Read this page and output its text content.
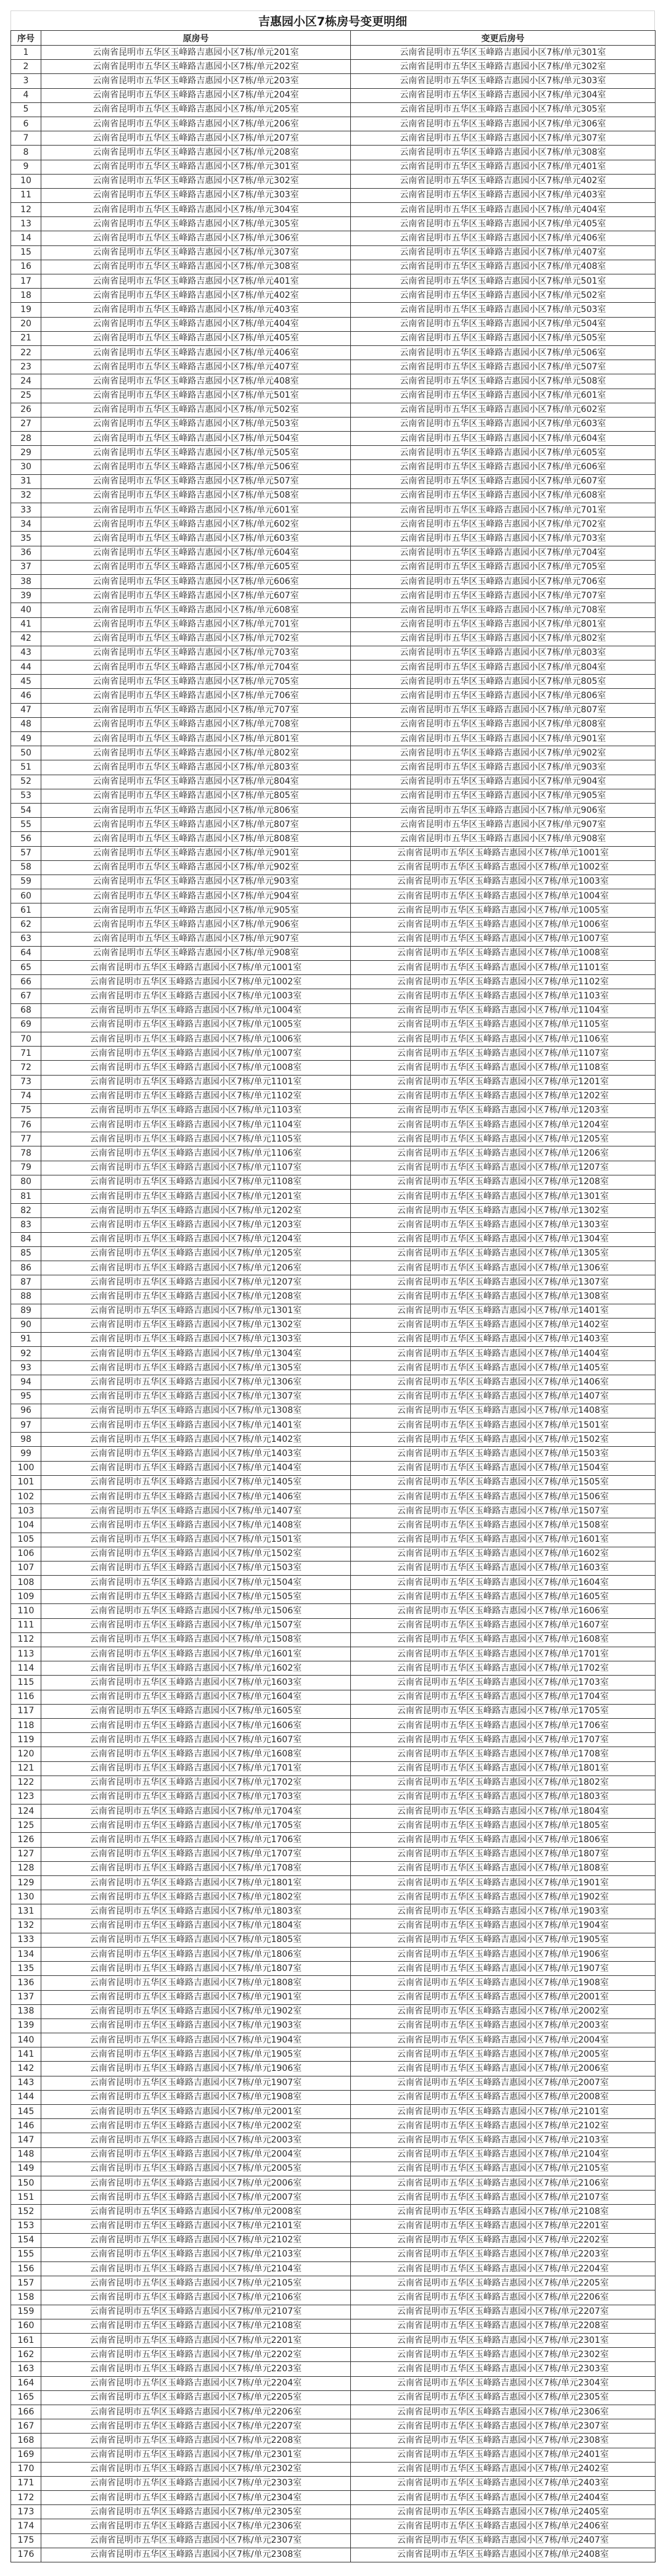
吉惠园小区7栋房号变更明细
序号	原房号	变更后房号
1	云南省昆明市五华区玉峰路吉惠园小区7栋/单元201室	云南省昆明市五华区玉峰路吉惠园小区7栋/单元301室
2	云南省昆明市五华区玉峰路吉惠园小区7栋/单元202室	云南省昆明市五华区玉峰路吉惠园小区7栋/单元302室
3	云南省昆明市五华区玉峰路吉惠园小区7栋/单元203室	云南省昆明市五华区玉峰路吉惠园小区7栋/单元303室
4	云南省昆明市五华区玉峰路吉惠园小区7栋/单元204室	云南省昆明市五华区玉峰路吉惠园小区7栋/单元304室
5	云南省昆明市五华区玉峰路吉惠园小区7栋/单元205室	云南省昆明市五华区玉峰路吉惠园小区7栋/单元305室
6	云南省昆明市五华区玉峰路吉惠园小区7栋/单元206室	云南省昆明市五华区玉峰路吉惠园小区7栋/单元306室
7	云南省昆明市五华区玉峰路吉惠园小区7栋/单元207室	云南省昆明市五华区玉峰路吉惠园小区7栋/单元307室
8	云南省昆明市五华区玉峰路吉惠园小区7栋/单元208室	云南省昆明市五华区玉峰路吉惠园小区7栋/单元308室
9	云南省昆明市五华区玉峰路吉惠园小区7栋/单元301室	云南省昆明市五华区玉峰路吉惠园小区7栋/单元401室
10	云南省昆明市五华区玉峰路吉惠园小区7栋/单元302室	云南省昆明市五华区玉峰路吉惠园小区7栋/单元402室
11	云南省昆明市五华区玉峰路吉惠园小区7栋/单元303室	云南省昆明市五华区玉峰路吉惠园小区7栋/单元403室
12	云南省昆明市五华区玉峰路吉惠园小区7栋/单元304室	云南省昆明市五华区玉峰路吉惠园小区7栋/单元404室
13	云南省昆明市五华区玉峰路吉惠园小区7栋/单元305室	云南省昆明市五华区玉峰路吉惠园小区7栋/单元405室
14	云南省昆明市五华区玉峰路吉惠园小区7栋/单元306室	云南省昆明市五华区玉峰路吉惠园小区7栋/单元406室
15	云南省昆明市五华区玉峰路吉惠园小区7栋/单元307室	云南省昆明市五华区玉峰路吉惠园小区7栋/单元407室
16	云南省昆明市五华区玉峰路吉惠园小区7栋/单元308室	云南省昆明市五华区玉峰路吉惠园小区7栋/单元408室
17	云南省昆明市五华区玉峰路吉惠园小区7栋/单元401室	云南省昆明市五华区玉峰路吉惠园小区7栋/单元501室
18	云南省昆明市五华区玉峰路吉惠园小区7栋/单元402室	云南省昆明市五华区玉峰路吉惠园小区7栋/单元502室
19	云南省昆明市五华区玉峰路吉惠园小区7栋/单元403室	云南省昆明市五华区玉峰路吉惠园小区7栋/单元503室
20	云南省昆明市五华区玉峰路吉惠园小区7栋/单元404室	云南省昆明市五华区玉峰路吉惠园小区7栋/单元504室
21	云南省昆明市五华区玉峰路吉惠园小区7栋/单元405室	云南省昆明市五华区玉峰路吉惠园小区7栋/单元505室
22	云南省昆明市五华区玉峰路吉惠园小区7栋/单元406室	云南省昆明市五华区玉峰路吉惠园小区7栋/单元506室
23	云南省昆明市五华区玉峰路吉惠园小区7栋/单元407室	云南省昆明市五华区玉峰路吉惠园小区7栋/单元507室
24	云南省昆明市五华区玉峰路吉惠园小区7栋/单元408室	云南省昆明市五华区玉峰路吉惠园小区7栋/单元508室
25	云南省昆明市五华区玉峰路吉惠园小区7栋/单元501室	云南省昆明市五华区玉峰路吉惠园小区7栋/单元601室
26	云南省昆明市五华区玉峰路吉惠园小区7栋/单元502室	云南省昆明市五华区玉峰路吉惠园小区7栋/单元602室
27	云南省昆明市五华区玉峰路吉惠园小区7栋/单元503室	云南省昆明市五华区玉峰路吉惠园小区7栋/单元603室
28	云南省昆明市五华区玉峰路吉惠园小区7栋/单元504室	云南省昆明市五华区玉峰路吉惠园小区7栋/单元604室
29	云南省昆明市五华区玉峰路吉惠园小区7栋/单元505室	云南省昆明市五华区玉峰路吉惠园小区7栋/单元605室
30	云南省昆明市五华区玉峰路吉惠园小区7栋/单元506室	云南省昆明市五华区玉峰路吉惠园小区7栋/单元606室
31	云南省昆明市五华区玉峰路吉惠园小区7栋/单元507室	云南省昆明市五华区玉峰路吉惠园小区7栋/单元607室
32	云南省昆明市五华区玉峰路吉惠园小区7栋/单元508室	云南省昆明市五华区玉峰路吉惠园小区7栋/单元608室
33	云南省昆明市五华区玉峰路吉惠园小区7栋/单元601室	云南省昆明市五华区玉峰路吉惠园小区7栋/单元701室
34	云南省昆明市五华区玉峰路吉惠园小区7栋/单元602室	云南省昆明市五华区玉峰路吉惠园小区7栋/单元702室
35	云南省昆明市五华区玉峰路吉惠园小区7栋/单元603室	云南省昆明市五华区玉峰路吉惠园小区7栋/单元703室
36	云南省昆明市五华区玉峰路吉惠园小区7栋/单元604室	云南省昆明市五华区玉峰路吉惠园小区7栋/单元704室
37	云南省昆明市五华区玉峰路吉惠园小区7栋/单元605室	云南省昆明市五华区玉峰路吉惠园小区7栋/单元705室
38	云南省昆明市五华区玉峰路吉惠园小区7栋/单元606室	云南省昆明市五华区玉峰路吉惠园小区7栋/单元706室
39	云南省昆明市五华区玉峰路吉惠园小区7栋/单元607室	云南省昆明市五华区玉峰路吉惠园小区7栋/单元707室
40	云南省昆明市五华区玉峰路吉惠园小区7栋/单元608室	云南省昆明市五华区玉峰路吉惠园小区7栋/单元708室
41	云南省昆明市五华区玉峰路吉惠园小区7栋/单元701室	云南省昆明市五华区玉峰路吉惠园小区7栋/单元801室
42	云南省昆明市五华区玉峰路吉惠园小区7栋/单元702室	云南省昆明市五华区玉峰路吉惠园小区7栋/单元802室
43	云南省昆明市五华区玉峰路吉惠园小区7栋/单元703室	云南省昆明市五华区玉峰路吉惠园小区7栋/单元803室
44	云南省昆明市五华区玉峰路吉惠园小区7栋/单元704室	云南省昆明市五华区玉峰路吉惠园小区7栋/单元804室
45	云南省昆明市五华区玉峰路吉惠园小区7栋/单元705室	云南省昆明市五华区玉峰路吉惠园小区7栋/单元805室
46	云南省昆明市五华区玉峰路吉惠园小区7栋/单元706室	云南省昆明市五华区玉峰路吉惠园小区7栋/单元806室
47	云南省昆明市五华区玉峰路吉惠园小区7栋/单元707室	云南省昆明市五华区玉峰路吉惠园小区7栋/单元807室
48	云南省昆明市五华区玉峰路吉惠园小区7栋/单元708室	云南省昆明市五华区玉峰路吉惠园小区7栋/单元808室
49	云南省昆明市五华区玉峰路吉惠园小区7栋/单元801室	云南省昆明市五华区玉峰路吉惠园小区7栋/单元901室
50	云南省昆明市五华区玉峰路吉惠园小区7栋/单元802室	云南省昆明市五华区玉峰路吉惠园小区7栋/单元902室
51	云南省昆明市五华区玉峰路吉惠园小区7栋/单元803室	云南省昆明市五华区玉峰路吉惠园小区7栋/单元903室
52	云南省昆明市五华区玉峰路吉惠园小区7栋/单元804室	云南省昆明市五华区玉峰路吉惠园小区7栋/单元904室
53	云南省昆明市五华区玉峰路吉惠园小区7栋/单元805室	云南省昆明市五华区玉峰路吉惠园小区7栋/单元905室
54	云南省昆明市五华区玉峰路吉惠园小区7栋/单元806室	云南省昆明市五华区玉峰路吉惠园小区7栋/单元906室
55	云南省昆明市五华区玉峰路吉惠园小区7栋/单元807室	云南省昆明市五华区玉峰路吉惠园小区7栋/单元907室
56	云南省昆明市五华区玉峰路吉惠园小区7栋/单元808室	云南省昆明市五华区玉峰路吉惠园小区7栋/单元908室
57	云南省昆明市五华区玉峰路吉惠园小区7栋/单元901室	云南省昆明市五华区玉峰路吉惠园小区7栋/单元1001室
58	云南省昆明市五华区玉峰路吉惠园小区7栋/单元902室	云南省昆明市五华区玉峰路吉惠园小区7栋/单元1002室
59	云南省昆明市五华区玉峰路吉惠园小区7栋/单元903室	云南省昆明市五华区玉峰路吉惠园小区7栋/单元1003室
60	云南省昆明市五华区玉峰路吉惠园小区7栋/单元904室	云南省昆明市五华区玉峰路吉惠园小区7栋/单元1004室
61	云南省昆明市五华区玉峰路吉惠园小区7栋/单元905室	云南省昆明市五华区玉峰路吉惠园小区7栋/单元1005室
62	云南省昆明市五华区玉峰路吉惠园小区7栋/单元906室	云南省昆明市五华区玉峰路吉惠园小区7栋/单元1006室
63	云南省昆明市五华区玉峰路吉惠园小区7栋/单元907室	云南省昆明市五华区玉峰路吉惠园小区7栋/单元1007室
64	云南省昆明市五华区玉峰路吉惠园小区7栋/单元908室	云南省昆明市五华区玉峰路吉惠园小区7栋/单元1008室
65	云南省昆明市五华区玉峰路吉惠园小区7栋/单元1001室	云南省昆明市五华区玉峰路吉惠园小区7栋/单元1101室
66	云南省昆明市五华区玉峰路吉惠园小区7栋/单元1002室	云南省昆明市五华区玉峰路吉惠园小区7栋/单元1102室
67	云南省昆明市五华区玉峰路吉惠园小区7栋/单元1003室	云南省昆明市五华区玉峰路吉惠园小区7栋/单元1103室
68	云南省昆明市五华区玉峰路吉惠园小区7栋/单元1004室	云南省昆明市五华区玉峰路吉惠园小区7栋/单元1104室
69	云南省昆明市五华区玉峰路吉惠园小区7栋/单元1005室	云南省昆明市五华区玉峰路吉惠园小区7栋/单元1105室
70	云南省昆明市五华区玉峰路吉惠园小区7栋/单元1006室	云南省昆明市五华区玉峰路吉惠园小区7栋/单元1106室
71	云南省昆明市五华区玉峰路吉惠园小区7栋/单元1007室	云南省昆明市五华区玉峰路吉惠园小区7栋/单元1107室
72	云南省昆明市五华区玉峰路吉惠园小区7栋/单元1008室	云南省昆明市五华区玉峰路吉惠园小区7栋/单元1108室
73	云南省昆明市五华区玉峰路吉惠园小区7栋/单元1101室	云南省昆明市五华区玉峰路吉惠园小区7栋/单元1201室
74	云南省昆明市五华区玉峰路吉惠园小区7栋/单元1102室	云南省昆明市五华区玉峰路吉惠园小区7栋/单元1202室
75	云南省昆明市五华区玉峰路吉惠园小区7栋/单元1103室	云南省昆明市五华区玉峰路吉惠园小区7栋/单元1203室
76	云南省昆明市五华区玉峰路吉惠园小区7栋/单元1104室	云南省昆明市五华区玉峰路吉惠园小区7栋/单元1204室
77	云南省昆明市五华区玉峰路吉惠园小区7栋/单元1105室	云南省昆明市五华区玉峰路吉惠园小区7栋/单元1205室
78	云南省昆明市五华区玉峰路吉惠园小区7栋/单元1106室	云南省昆明市五华区玉峰路吉惠园小区7栋/单元1206室
79	云南省昆明市五华区玉峰路吉惠园小区7栋/单元1107室	云南省昆明市五华区玉峰路吉惠园小区7栋/单元1207室
80	云南省昆明市五华区玉峰路吉惠园小区7栋/单元1108室	云南省昆明市五华区玉峰路吉惠园小区7栋/单元1208室
81	云南省昆明市五华区玉峰路吉惠园小区7栋/单元1201室	云南省昆明市五华区玉峰路吉惠园小区7栋/单元1301室
82	云南省昆明市五华区玉峰路吉惠园小区7栋/单元1202室	云南省昆明市五华区玉峰路吉惠园小区7栋/单元1302室
83	云南省昆明市五华区玉峰路吉惠园小区7栋/单元1203室	云南省昆明市五华区玉峰路吉惠园小区7栋/单元1303室
84	云南省昆明市五华区玉峰路吉惠园小区7栋/单元1204室	云南省昆明市五华区玉峰路吉惠园小区7栋/单元1304室
85	云南省昆明市五华区玉峰路吉惠园小区7栋/单元1205室	云南省昆明市五华区玉峰路吉惠园小区7栋/单元1305室
86	云南省昆明市五华区玉峰路吉惠园小区7栋/单元1206室	云南省昆明市五华区玉峰路吉惠园小区7栋/单元1306室
87	云南省昆明市五华区玉峰路吉惠园小区7栋/单元1207室	云南省昆明市五华区玉峰路吉惠园小区7栋/单元1307室
88	云南省昆明市五华区玉峰路吉惠园小区7栋/单元1208室	云南省昆明市五华区玉峰路吉惠园小区7栋/单元1308室
89	云南省昆明市五华区玉峰路吉惠园小区7栋/单元1301室	云南省昆明市五华区玉峰路吉惠园小区7栋/单元1401室
90	云南省昆明市五华区玉峰路吉惠园小区7栋/单元1302室	云南省昆明市五华区玉峰路吉惠园小区7栋/单元1402室
91	云南省昆明市五华区玉峰路吉惠园小区7栋/单元1303室	云南省昆明市五华区玉峰路吉惠园小区7栋/单元1403室
92	云南省昆明市五华区玉峰路吉惠园小区7栋/单元1304室	云南省昆明市五华区玉峰路吉惠园小区7栋/单元1404室
93	云南省昆明市五华区玉峰路吉惠园小区7栋/单元1305室	云南省昆明市五华区玉峰路吉惠园小区7栋/单元1405室
94	云南省昆明市五华区玉峰路吉惠园小区7栋/单元1306室	云南省昆明市五华区玉峰路吉惠园小区7栋/单元1406室
95	云南省昆明市五华区玉峰路吉惠园小区7栋/单元1307室	云南省昆明市五华区玉峰路吉惠园小区7栋/单元1407室
96	云南省昆明市五华区玉峰路吉惠园小区7栋/单元1308室	云南省昆明市五华区玉峰路吉惠园小区7栋/单元1408室
97	云南省昆明市五华区玉峰路吉惠园小区7栋/单元1401室	云南省昆明市五华区玉峰路吉惠园小区7栋/单元1501室
98	云南省昆明市五华区玉峰路吉惠园小区7栋/单元1402室	云南省昆明市五华区玉峰路吉惠园小区7栋/单元1502室
99	云南省昆明市五华区玉峰路吉惠园小区7栋/单元1403室	云南省昆明市五华区玉峰路吉惠园小区7栋/单元1503室
100	云南省昆明市五华区玉峰路吉惠园小区7栋/单元1404室	云南省昆明市五华区玉峰路吉惠园小区7栋/单元1504室
101	云南省昆明市五华区玉峰路吉惠园小区7栋/单元1405室	云南省昆明市五华区玉峰路吉惠园小区7栋/单元1505室
102	云南省昆明市五华区玉峰路吉惠园小区7栋/单元1406室	云南省昆明市五华区玉峰路吉惠园小区7栋/单元1506室
103	云南省昆明市五华区玉峰路吉惠园小区7栋/单元1407室	云南省昆明市五华区玉峰路吉惠园小区7栋/单元1507室
104	云南省昆明市五华区玉峰路吉惠园小区7栋/单元1408室	云南省昆明市五华区玉峰路吉惠园小区7栋/单元1508室
105	云南省昆明市五华区玉峰路吉惠园小区7栋/单元1501室	云南省昆明市五华区玉峰路吉惠园小区7栋/单元1601室
106	云南省昆明市五华区玉峰路吉惠园小区7栋/单元1502室	云南省昆明市五华区玉峰路吉惠园小区7栋/单元1602室
107	云南省昆明市五华区玉峰路吉惠园小区7栋/单元1503室	云南省昆明市五华区玉峰路吉惠园小区7栋/单元1603室
108	云南省昆明市五华区玉峰路吉惠园小区7栋/单元1504室	云南省昆明市五华区玉峰路吉惠园小区7栋/单元1604室
109	云南省昆明市五华区玉峰路吉惠园小区7栋/单元1505室	云南省昆明市五华区玉峰路吉惠园小区7栋/单元1605室
110	云南省昆明市五华区玉峰路吉惠园小区7栋/单元1506室	云南省昆明市五华区玉峰路吉惠园小区7栋/单元1606室
111	云南省昆明市五华区玉峰路吉惠园小区7栋/单元1507室	云南省昆明市五华区玉峰路吉惠园小区7栋/单元1607室
112	云南省昆明市五华区玉峰路吉惠园小区7栋/单元1508室	云南省昆明市五华区玉峰路吉惠园小区7栋/单元1608室
113	云南省昆明市五华区玉峰路吉惠园小区7栋/单元1601室	云南省昆明市五华区玉峰路吉惠园小区7栋/单元1701室
114	云南省昆明市五华区玉峰路吉惠园小区7栋/单元1602室	云南省昆明市五华区玉峰路吉惠园小区7栋/单元1702室
115	云南省昆明市五华区玉峰路吉惠园小区7栋/单元1603室	云南省昆明市五华区玉峰路吉惠园小区7栋/单元1703室
116	云南省昆明市五华区玉峰路吉惠园小区7栋/单元1604室	云南省昆明市五华区玉峰路吉惠园小区7栋/单元1704室
117	云南省昆明市五华区玉峰路吉惠园小区7栋/单元1605室	云南省昆明市五华区玉峰路吉惠园小区7栋/单元1705室
118	云南省昆明市五华区玉峰路吉惠园小区7栋/单元1606室	云南省昆明市五华区玉峰路吉惠园小区7栋/单元1706室
119	云南省昆明市五华区玉峰路吉惠园小区7栋/单元1607室	云南省昆明市五华区玉峰路吉惠园小区7栋/单元1707室
120	云南省昆明市五华区玉峰路吉惠园小区7栋/单元1608室	云南省昆明市五华区玉峰路吉惠园小区7栋/单元1708室
121	云南省昆明市五华区玉峰路吉惠园小区7栋/单元1701室	云南省昆明市五华区玉峰路吉惠园小区7栋/单元1801室
122	云南省昆明市五华区玉峰路吉惠园小区7栋/单元1702室	云南省昆明市五华区玉峰路吉惠园小区7栋/单元1802室
123	云南省昆明市五华区玉峰路吉惠园小区7栋/单元1703室	云南省昆明市五华区玉峰路吉惠园小区7栋/单元1803室
124	云南省昆明市五华区玉峰路吉惠园小区7栋/单元1704室	云南省昆明市五华区玉峰路吉惠园小区7栋/单元1804室
125	云南省昆明市五华区玉峰路吉惠园小区7栋/单元1705室	云南省昆明市五华区玉峰路吉惠园小区7栋/单元1805室
126	云南省昆明市五华区玉峰路吉惠园小区7栋/单元1706室	云南省昆明市五华区玉峰路吉惠园小区7栋/单元1806室
127	云南省昆明市五华区玉峰路吉惠园小区7栋/单元1707室	云南省昆明市五华区玉峰路吉惠园小区7栋/单元1807室
128	云南省昆明市五华区玉峰路吉惠园小区7栋/单元1708室	云南省昆明市五华区玉峰路吉惠园小区7栋/单元1808室
129	云南省昆明市五华区玉峰路吉惠园小区7栋/单元1801室	云南省昆明市五华区玉峰路吉惠园小区7栋/单元1901室
130	云南省昆明市五华区玉峰路吉惠园小区7栋/单元1802室	云南省昆明市五华区玉峰路吉惠园小区7栋/单元1902室
131	云南省昆明市五华区玉峰路吉惠园小区7栋/单元1803室	云南省昆明市五华区玉峰路吉惠园小区7栋/单元1903室
132	云南省昆明市五华区玉峰路吉惠园小区7栋/单元1804室	云南省昆明市五华区玉峰路吉惠园小区7栋/单元1904室
133	云南省昆明市五华区玉峰路吉惠园小区7栋/单元1805室	云南省昆明市五华区玉峰路吉惠园小区7栋/单元1905室
134	云南省昆明市五华区玉峰路吉惠园小区7栋/单元1806室	云南省昆明市五华区玉峰路吉惠园小区7栋/单元1906室
135	云南省昆明市五华区玉峰路吉惠园小区7栋/单元1807室	云南省昆明市五华区玉峰路吉惠园小区7栋/单元1907室
136	云南省昆明市五华区玉峰路吉惠园小区7栋/单元1808室	云南省昆明市五华区玉峰路吉惠园小区7栋/单元1908室
137	云南省昆明市五华区玉峰路吉惠园小区7栋/单元1901室	云南省昆明市五华区玉峰路吉惠园小区7栋/单元2001室
138	云南省昆明市五华区玉峰路吉惠园小区7栋/单元1902室	云南省昆明市五华区玉峰路吉惠园小区7栋/单元2002室
139	云南省昆明市五华区玉峰路吉惠园小区7栋/单元1903室	云南省昆明市五华区玉峰路吉惠园小区7栋/单元2003室
140	云南省昆明市五华区玉峰路吉惠园小区7栋/单元1904室	云南省昆明市五华区玉峰路吉惠园小区7栋/单元2004室
141	云南省昆明市五华区玉峰路吉惠园小区7栋/单元1905室	云南省昆明市五华区玉峰路吉惠园小区7栋/单元2005室
142	云南省昆明市五华区玉峰路吉惠园小区7栋/单元1906室	云南省昆明市五华区玉峰路吉惠园小区7栋/单元2006室
143	云南省昆明市五华区玉峰路吉惠园小区7栋/单元1907室	云南省昆明市五华区玉峰路吉惠园小区7栋/单元2007室
144	云南省昆明市五华区玉峰路吉惠园小区7栋/单元1908室	云南省昆明市五华区玉峰路吉惠园小区7栋/单元2008室
145	云南省昆明市五华区玉峰路吉惠园小区7栋/单元2001室	云南省昆明市五华区玉峰路吉惠园小区7栋/单元2101室
146	云南省昆明市五华区玉峰路吉惠园小区7栋/单元2002室	云南省昆明市五华区玉峰路吉惠园小区7栋/单元2102室
147	云南省昆明市五华区玉峰路吉惠园小区7栋/单元2003室	云南省昆明市五华区玉峰路吉惠园小区7栋/单元2103室
148	云南省昆明市五华区玉峰路吉惠园小区7栋/单元2004室	云南省昆明市五华区玉峰路吉惠园小区7栋/单元2104室
149	云南省昆明市五华区玉峰路吉惠园小区7栋/单元2005室	云南省昆明市五华区玉峰路吉惠园小区7栋/单元2105室
150	云南省昆明市五华区玉峰路吉惠园小区7栋/单元2006室	云南省昆明市五华区玉峰路吉惠园小区7栋/单元2106室
151	云南省昆明市五华区玉峰路吉惠园小区7栋/单元2007室	云南省昆明市五华区玉峰路吉惠园小区7栋/单元2107室
152	云南省昆明市五华区玉峰路吉惠园小区7栋/单元2008室	云南省昆明市五华区玉峰路吉惠园小区7栋/单元2108室
153	云南省昆明市五华区玉峰路吉惠园小区7栋/单元2101室	云南省昆明市五华区玉峰路吉惠园小区7栋/单元2201室
154	云南省昆明市五华区玉峰路吉惠园小区7栋/单元2102室	云南省昆明市五华区玉峰路吉惠园小区7栋/单元2202室
155	云南省昆明市五华区玉峰路吉惠园小区7栋/单元2103室	云南省昆明市五华区玉峰路吉惠园小区7栋/单元2203室
156	云南省昆明市五华区玉峰路吉惠园小区7栋/单元2104室	云南省昆明市五华区玉峰路吉惠园小区7栋/单元2204室
157	云南省昆明市五华区玉峰路吉惠园小区7栋/单元2105室	云南省昆明市五华区玉峰路吉惠园小区7栋/单元2205室
158	云南省昆明市五华区玉峰路吉惠园小区7栋/单元2106室	云南省昆明市五华区玉峰路吉惠园小区7栋/单元2206室
159	云南省昆明市五华区玉峰路吉惠园小区7栋/单元2107室	云南省昆明市五华区玉峰路吉惠园小区7栋/单元2207室
160	云南省昆明市五华区玉峰路吉惠园小区7栋/单元2108室	云南省昆明市五华区玉峰路吉惠园小区7栋/单元2208室
161	云南省昆明市五华区玉峰路吉惠园小区7栋/单元2201室	云南省昆明市五华区玉峰路吉惠园小区7栋/单元2301室
162	云南省昆明市五华区玉峰路吉惠园小区7栋/单元2202室	云南省昆明市五华区玉峰路吉惠园小区7栋/单元2302室
163	云南省昆明市五华区玉峰路吉惠园小区7栋/单元2203室	云南省昆明市五华区玉峰路吉惠园小区7栋/单元2303室
164	云南省昆明市五华区玉峰路吉惠园小区7栋/单元2204室	云南省昆明市五华区玉峰路吉惠园小区7栋/单元2304室
165	云南省昆明市五华区玉峰路吉惠园小区7栋/单元2205室	云南省昆明市五华区玉峰路吉惠园小区7栋/单元2305室
166	云南省昆明市五华区玉峰路吉惠园小区7栋/单元2206室	云南省昆明市五华区玉峰路吉惠园小区7栋/单元2306室
167	云南省昆明市五华区玉峰路吉惠园小区7栋/单元2207室	云南省昆明市五华区玉峰路吉惠园小区7栋/单元2307室
168	云南省昆明市五华区玉峰路吉惠园小区7栋/单元2208室	云南省昆明市五华区玉峰路吉惠园小区7栋/单元2308室
169	云南省昆明市五华区玉峰路吉惠园小区7栋/单元2301室	云南省昆明市五华区玉峰路吉惠园小区7栋/单元2401室
170	云南省昆明市五华区玉峰路吉惠园小区7栋/单元2302室	云南省昆明市五华区玉峰路吉惠园小区7栋/单元2402室
171	云南省昆明市五华区玉峰路吉惠园小区7栋/单元2303室	云南省昆明市五华区玉峰路吉惠园小区7栋/单元2403室
172	云南省昆明市五华区玉峰路吉惠园小区7栋/单元2304室	云南省昆明市五华区玉峰路吉惠园小区7栋/单元2404室
173	云南省昆明市五华区玉峰路吉惠园小区7栋/单元2305室	云南省昆明市五华区玉峰路吉惠园小区7栋/单元2405室
174	云南省昆明市五华区玉峰路吉惠园小区7栋/单元2306室	云南省昆明市五华区玉峰路吉惠园小区7栋/单元2406室
175	云南省昆明市五华区玉峰路吉惠园小区7栋/单元2307室	云南省昆明市五华区玉峰路吉惠园小区7栋/单元2407室
176	云南省昆明市五华区玉峰路吉惠园小区7栋/单元2308室	云南省昆明市五华区玉峰路吉惠园小区7栋/单元2408室
